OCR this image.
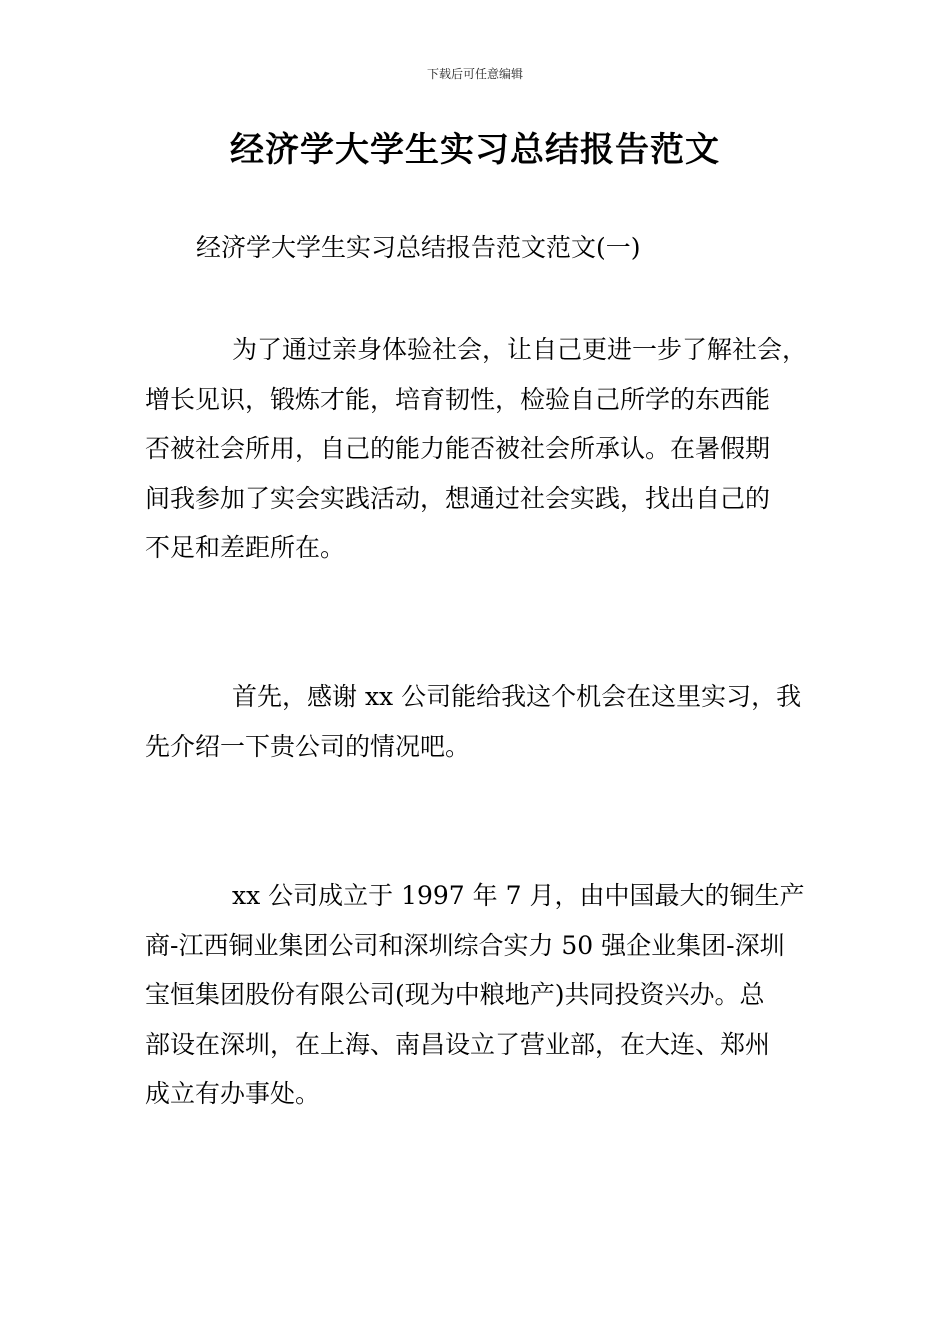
下载后可任意编辑
经济学大学生实习总结报告范文
经济学大学生实习总结报告范文范文(一)
为了通过亲身体验社会，让自己更进一步了解社会，
增长见识，锻炼才能，培育韧性，检验自己所学的东西能
否被社会所用，自己的能力能否被社会所承认。在暑假期
间我参加了实会实践活动，想通过社会实践，找出自己的
不足和差距所在。
首先，感谢 xx 公司能给我这个机会在这里实习，我
先介绍一下贵公司的情况吧。
xx 公司成立于 1997 年 7 月，由中国最大的铜生产
商-江西铜业集团公司和深圳综合实力 50 强企业集团-深圳
宝恒集团股份有限公司(现为中粮地产)共同投资兴办。总
部设在深圳，在上海、南昌设立了营业部，在大连、郑州
成立有办事处。
